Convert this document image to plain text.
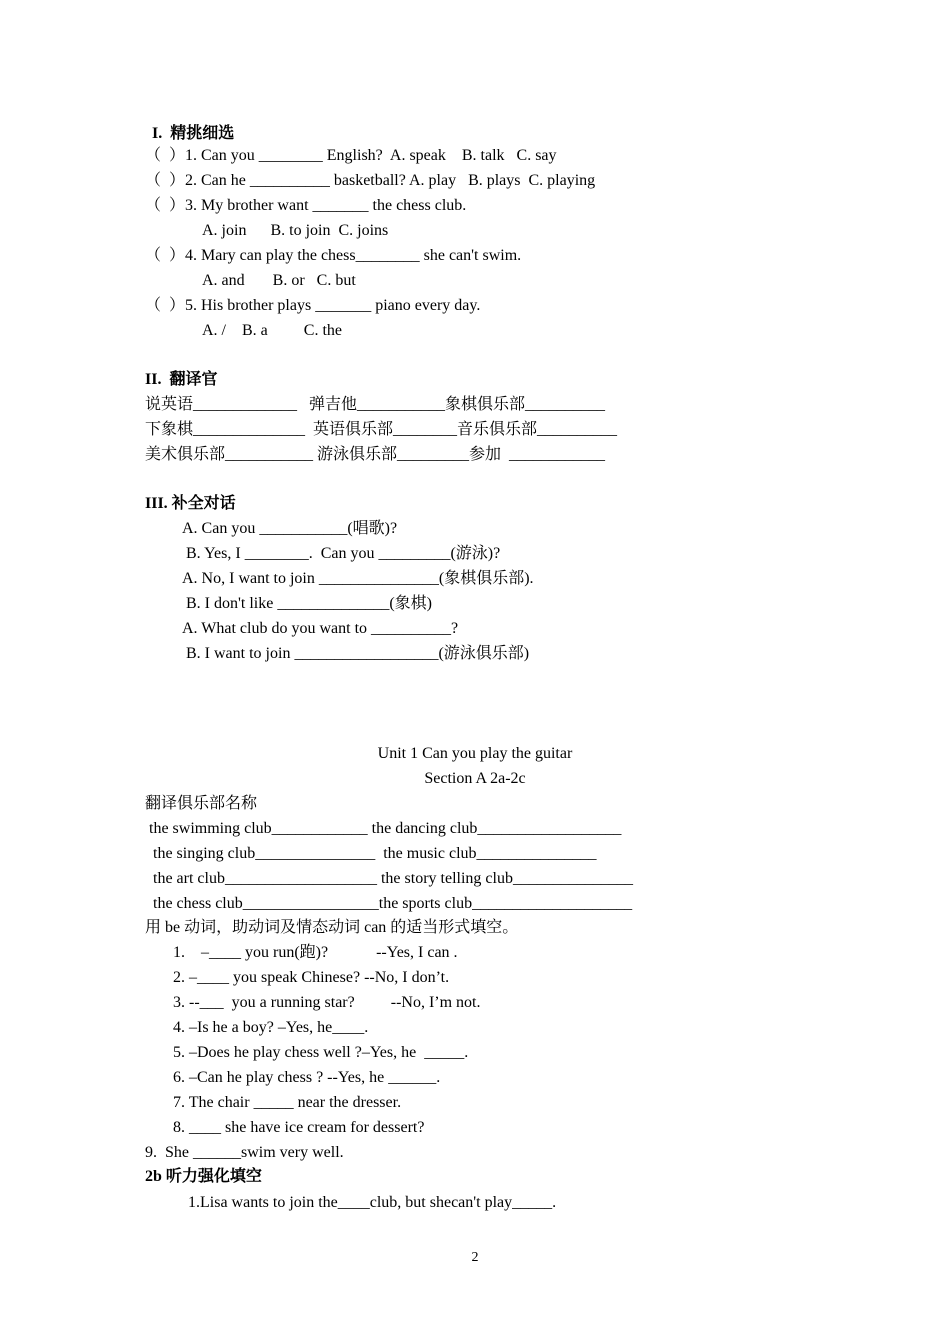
I.  精挑细选
（  ）1. Can you ________ English?  A. speak    B. talk   C. say
（  ）2. Can he __________ basketball? A. play   B. plays  C. playing
（  ）3. My brother want _______ the chess club.
A. join      B. to join  C. joins
（  ）4. Mary can play the chess________ she can't swim.
A. and       B. or   C. but
（  ）5. His brother plays _______ piano every day.
A. /    B. a         C. the
II.  翻译官
说英语_____________   弹吉他___________象棋俱乐部__________
下象棋______________  英语俱乐部________音乐俱乐部__________
美术俱乐部___________ 游泳俱乐部_________参加  ____________
III. 补全对话
A. Can you ___________(唱歌)?
B. Yes, I ________.  Can you _________(游泳)?
A. No, I want to join _______________(象棋俱乐部).
B. I don't like ______________(象棋)
A. What club do you want to __________?
B. I want to join __________________(游泳俱乐部)
Unit 1 Can you play the guitar
Section A 2a-2c
翻译俱乐部名称
the swimming club____________ the dancing club__________________
the singing club_______________  the music club_______________
the art club___________________ the story telling club_______________
the chess club_________________the sports club____________________
用 be 动词，助动词及情态动词 can 的适当形式填空。
1.    –____ you run(跑)?            --Yes, I can .
2. –____ you speak Chinese? --No, I don’t.
3. --___  you a running star?         --No, I’m not.
4. –Is he a boy? –Yes, he____.
5. –Does he play chess well ?–Yes, he  _____.
6. –Can he play chess ? --Yes, he ______.
7. The chair _____ near the dresser.
8. ____ she have ice cream for dessert?
9.  She ______swim very well.
2b 听力强化填空
1.Lisa wants to join the____club, but shecan't play_____.
2
